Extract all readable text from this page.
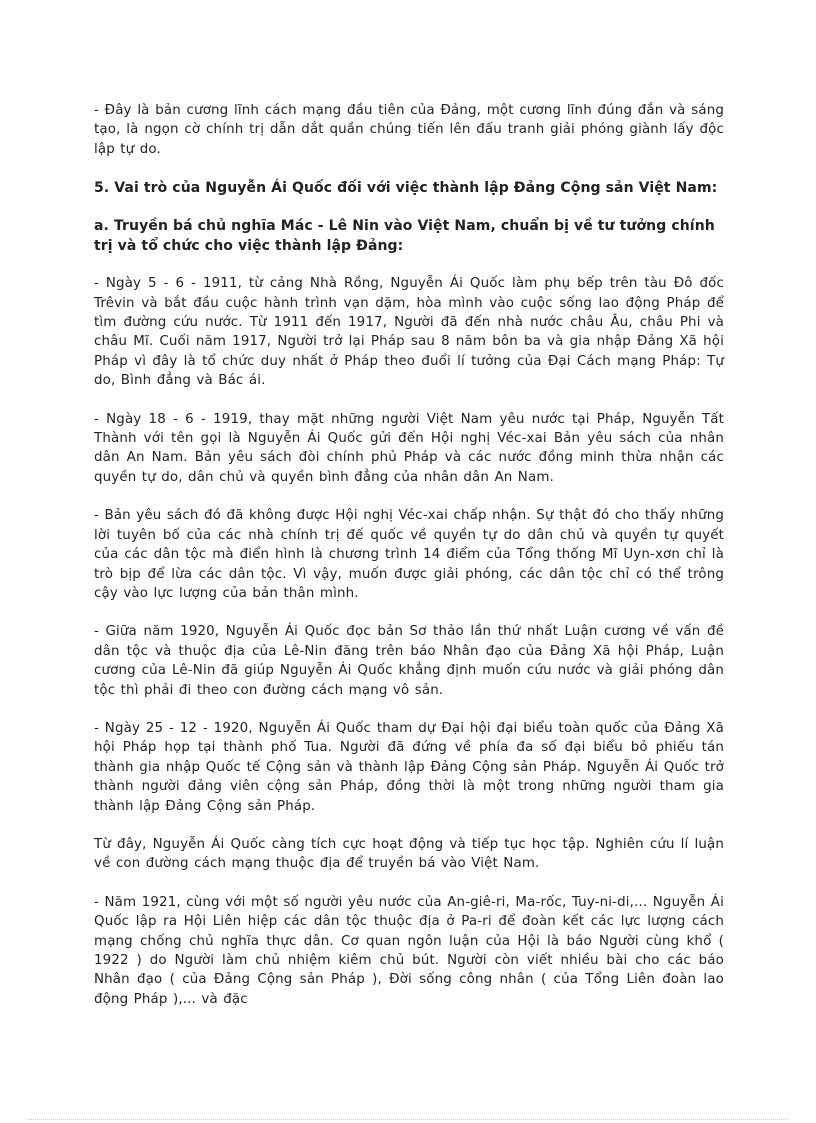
- Đây là bản cương lĩnh cách mạng đầu tiên của Đảng, một cương lĩnh đúng đắn và sáng tạo, là ngọn cờ chính trị dẫn dắt quần chúng tiến lên đấu tranh giải phóng giành lấy độc lập tự do.

5. Vai trò của Nguyễn Ái Quốc đối với việc thành lập Đảng Cộng sản Việt Nam:

a. Truyền bá chủ nghĩa Mác - Lê Nin vào Việt Nam, chuẩn bị về tư tưởng chính trị và tổ chức cho việc thành lập Đảng:

- Ngày 5 - 6 - 1911, từ cảng Nhà Rồng, Nguyễn Ái Quốc làm phụ bếp trên tàu Đô đốc Trêvin và bắt đầu cuộc hành trình vạn dặm, hòa mình vào cuộc sống lao động Pháp để tìm đường cứu nước. Từ 1911 đến 1917, Người đã đến nhà nước châu Âu, châu Phi và châu Mĩ. Cuối năm 1917, Người trở lại Pháp sau 8 năm bôn ba và gia nhập Đảng Xã hội Pháp vì đây là tổ chức duy nhất ở Pháp theo đuổi lí tưởng của Đại Cách mạng Pháp: Tự do, Bình đẳng và Bác ái.

- Ngày 18 - 6 - 1919, thay mặt những người Việt Nam yêu nước tại Pháp, Nguyễn Tất Thành với tên gọi là Nguyễn Ái Quốc gửi đến Hội nghị Véc-xai Bản yêu sách của nhân dân An Nam. Bản yêu sách đòi chính phủ Pháp và các nước đồng minh thừa nhận các quyền tự do, dân chủ và quyền bình đẳng của nhân dân An Nam.

- Bản yêu sách đó đã không được Hội nghị Véc-xai chấp nhận. Sự thật đó cho thấy những lời tuyên bố của các nhà chính trị đế quốc về quyền tự do dân chủ và quyền tự quyết của các dân tộc mà điển hình là chương trình 14 điểm của Tổng thống Mĩ Uyn-xơn chỉ là trò bịp để lừa các dân tộc. Vì vậy, muốn được giải phóng, các dân tộc chỉ có thể trông cậy vào lực lượng của bản thân mình.

- Giữa năm 1920, Nguyễn Ái Quốc đọc bản Sơ thảo lần thứ nhất Luận cương về vấn đề dân tộc và thuộc địa của Lê-Nin đăng trên báo Nhân đạo của Đảng Xã hội Pháp, Luận cương của Lê-Nin đã giúp Nguyễn Ái Quốc khẳng định muốn cứu nước và giải phóng dân tộc thì phải đi theo con đường cách mạng vô sản.

- Ngày 25 - 12 - 1920, Nguyễn Ái Quốc tham dự Đại hội đại biểu toàn quốc của Đảng Xã hội Pháp họp tại thành phố Tua. Người đã đứng về phía đa số đại biểu bỏ phiếu tán thành gia nhập Quốc tế Cộng sản và thành lập Đảng Cộng sản Pháp. Nguyễn Ái Quốc trở thành người đảng viên cộng sản Pháp, đồng thời là một trong những người tham gia thành lập Đảng Cộng sản Pháp.

Từ đây, Nguyễn Ái Quốc càng tích cực hoạt động và tiếp tục học tập. Nghiên cứu lí luận về con đường cách mạng thuộc địa để truyền bá vào Việt Nam.

- Năm 1921, cùng với một số người yêu nước của An-giê-ri, Ma-rốc, Tuy-ni-di,... Nguyễn Ái Quốc lập ra Hội Liên hiệp các dân tộc thuộc địa ở Pa-ri để đoàn kết các lực lượng cách mạng chống chủ nghĩa thực dân. Cơ quan ngôn luận của Hội là báo Người cùng khổ ( 1922 ) do Người làm chủ nhiệm kiêm chủ bút. Người còn viết nhiều bài cho các báo Nhân đạo ( của Đảng Cộng sản Pháp ), Đời sống công nhân ( của Tổng Liên đoàn lao động Pháp ),... và đặc
